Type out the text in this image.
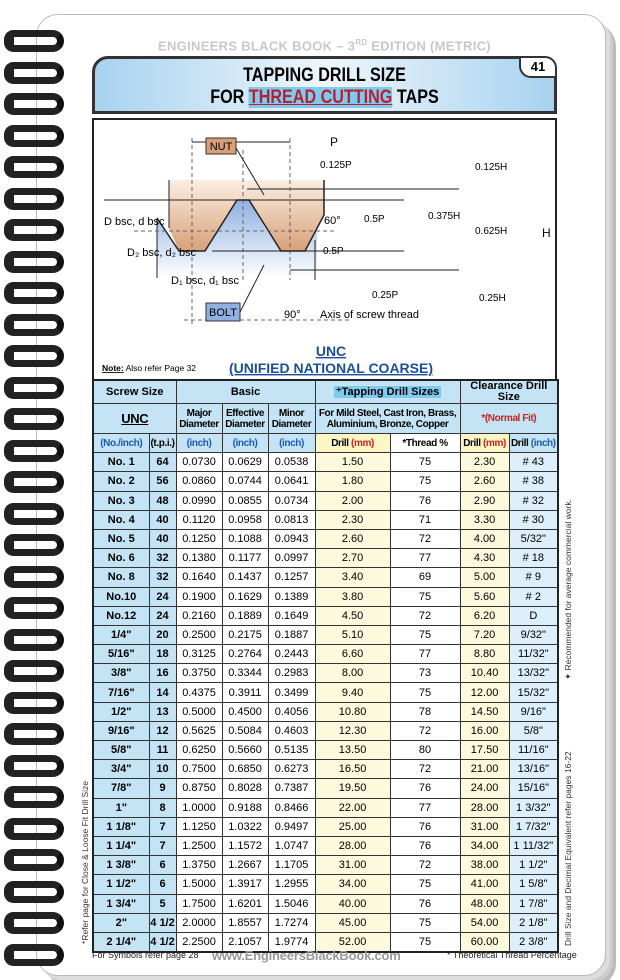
ENGINEERS BLACK BOOK – 3RD EDITION (METRIC)
TAPPING DRILL SIZE
FOR THREAD CUTTING TAPS
41
NUT
BOLT
P
0.125P	0.125H
0.375H
0.625H	H
0.25H
0.5P
0.5P
0.25P
60°
90° Axis of screw thread
D bsc, d bsc
D₂ bsc, d₂ bsc
D₁ bsc, d₁ bsc
UNC
(UNIFIED NATIONAL COARSE)
Note: Also refer Page 32
Screw Size		Basic			⁺Tapping Drill Sizes		Clearance Drill Size	
UNC		Major Diameter	Effective Diameter	Minor Diameter	For Mild Steel, Cast Iron, Brass, Aluminium, Bronze, Copper		*(Normal Fit)	
(No./inch)	(t.p.i.)	(inch)	(inch)	(inch)	Drill (mm)	*Thread %	Drill (mm)	Drill (inch)
No. 1	64	0.0730	0.0629	0.0538	1.50	75	2.30	# 43
No. 2	56	0.0860	0.0744	0.0641	1.80	75	2.60	# 38
No. 3	48	0.0990	0.0855	0.0734	2.00	76	2.90	# 32
No. 4	40	0.1120	0.0958	0.0813	2.30	71	3.30	# 30
No. 5	40	0.1250	0.1088	0.0943	2.60	72	4.00	5/32"
No. 6	32	0.1380	0.1177	0.0997	2.70	77	4.30	# 18
No. 8	32	0.1640	0.1437	0.1257	3.40	69	5.00	# 9
No.10	24	0.1900	0.1629	0.1389	3.80	75	5.60	# 2
No.12	24	0.2160	0.1889	0.1649	4.50	72	6.20	D
1/4"	20	0.2500	0.2175	0.1887	5.10	75	7.20	9/32"
5/16"	18	0.3125	0.2764	0.2443	6.60	77	8.80	11/32"
3/8"	16	0.3750	0.3344	0.2983	8.00	73	10.40	13/32"
7/16"	14	0.4375	0.3911	0.3499	9.40	75	12.00	15/32"
1/2"	13	0.5000	0.4500	0.4056	10.80	78	14.50	9/16"
9/16"	12	0.5625	0.5084	0.4603	12.30	72	16.00	5/8"
5/8"	11	0.6250	0.5660	0.5135	13.50	80	17.50	11/16"
3/4"	10	0.7500	0.6850	0.6273	16.50	72	21.00	13/16"
7/8"	9	0.8750	0.8028	0.7387	19.50	76	24.00	15/16"
1"	8	1.0000	0.9188	0.8466	22.00	77	28.00	1 3/32"
1 1/8"	7	1.1250	1.0322	0.9497	25.00	76	31.00	1 7/32"
1 1/4"	7	1.2500	1.1572	1.0747	28.00	76	34.00	1 11/32"
1 3/8"	6	1.3750	1.2667	1.1705	31.00	72	38.00	1 1/2"
1 1/2"	6	1.5000	1.3917	1.2955	34.00	75	41.00	1 5/8"
1 3/4"	5	1.7500	1.6201	1.5046	40.00	76	48.00	1 7/8"
2"	4 1/2	2.0000	1.8557	1.7274	45.00	75	54.00	2 1/8"
2 1/4"	4 1/2	2.2500	2.1057	1.9774	52.00	75	60.00	2 3/8"
For Symbols refer page 28 www.EngineersBlackBook.com	* Theoretical Thread Percentage
Drill Size and Decimal Equivalent refer pages 16-22
✦ Recommended for average commercial work.
*Refer page for Close & Loose Fit Drill Size
